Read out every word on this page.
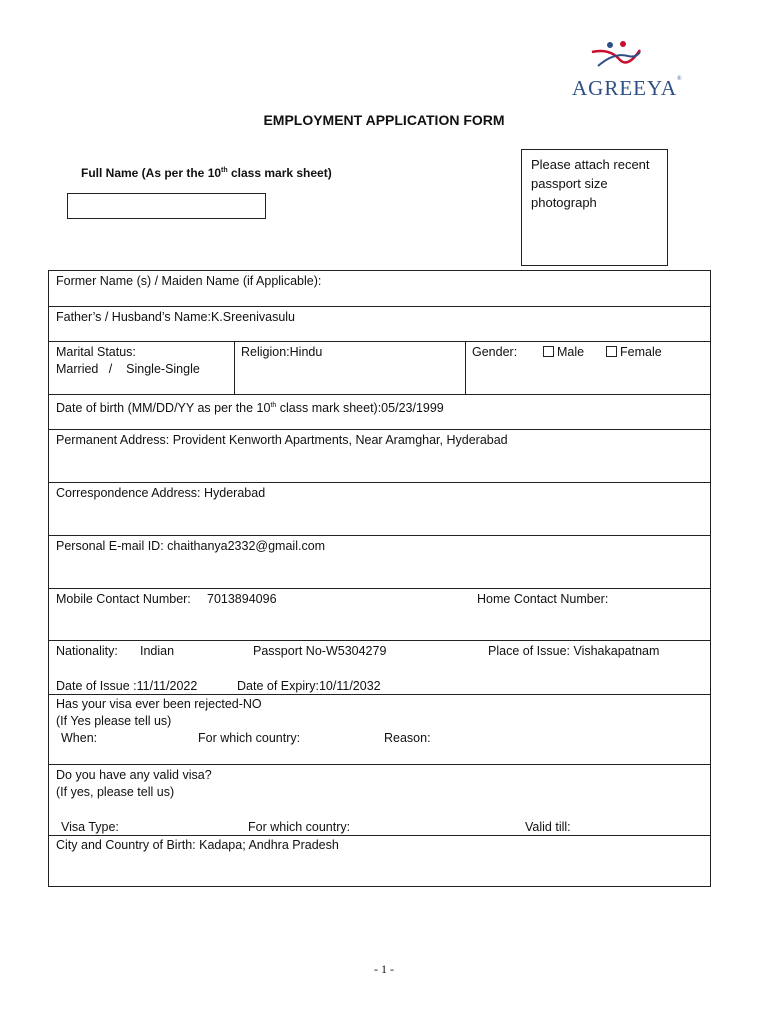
AGREEYA®
EMPLOYMENT APPLICATION FORM
Full Name (As per the 10th class mark sheet)
Please attach recent
passport size
photograph
Former Name (s) / Maiden Name (if Applicable):
Father’s / Husband’s Name:K.Sreenivasulu
Marital Status:
Married   /    Single-Single
Religion:Hindu	Gender:	Male	Female
Date of birth (MM/DD/YY as per the 10th class mark sheet):05/23/1999
Permanent Address: Provident Kenworth Apartments, Near Aramghar, Hyderabad
Correspondence Address: Hyderabad
Personal E-mail ID: chaithanya2332@gmail.com
Mobile Contact Number: 7013894096	Home Contact Number:
Nationality: Indian	Passport No-W5304279	Place of Issue: Vishakapatnam
Date of Issue :11/11/2022	Date of Expiry:10/11/2032
Has your visa ever been rejected-NO
(If Yes please tell us)
When:	For which country:	Reason:
Do you have any valid visa?
(If yes, please tell us)
Visa Type:	For which country:	Valid till:
City and Country of Birth: Kadapa; Andhra Pradesh
- 1 -
